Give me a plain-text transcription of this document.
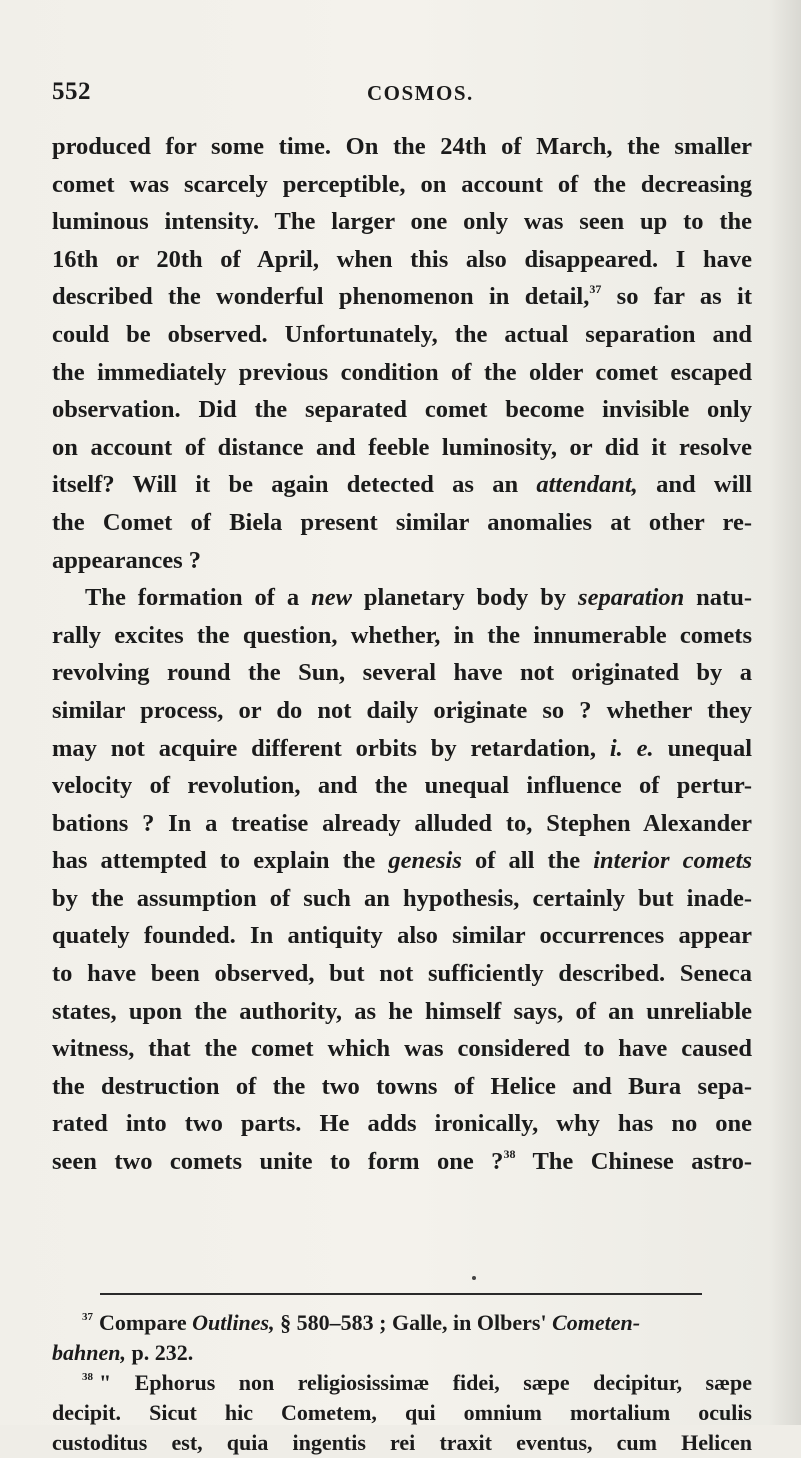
552	COSMOS.
produced for some time. On the 24th of March, the smaller
comet was scarcely perceptible, on account of the decreasing
luminous intensity. The larger one only was seen up to the
16th or 20th of April, when this also disappeared. I have
described the wonderful phenomenon in detail,$^{37}$ so far as it
could be observed. Unfortunately, the actual separation and
the immediately previous condition of the older comet escaped
observation. Did the separated comet become invisible only
on account of distance and feeble luminosity, or did it resolve
itself? Will it be again detected as an attendant, and will
the Comet of Biela present similar anomalies at other re-
appearances ?
The formation of a new planetary body by separation natu-
rally excites the question, whether, in the innumerable comets
revolving round the Sun, several have not originated by a
similar process, or do not daily originate so ? whether they
may not acquire different orbits by retardation, i. e. unequal
velocity of revolution, and the unequal influence of pertur-
bations ? In a treatise already alluded to, Stephen Alexander
has attempted to explain the genesis of all the interior comets
by the assumption of such an hypothesis, certainly but inade-
quately founded. In antiquity also similar occurrences appear
to have been observed, but not sufficiently described. Seneca
states, upon the authority, as he himself says, of an unreliable
witness, that the comet which was considered to have caused
the destruction of the two towns of Helice and Bura sepa-
rated into two parts. He adds ironically, why has no one
seen two comets unite to form one ?$^{38}$ The Chinese astro-
$^{37}$ Compare Outlines, § 580–583 ; Galle, in Olbers' Cometen-
bahnen, p. 232.
$^{38}$ " Ephorus non religiosissimæ fidei, sæpe decipitur, sæpe
decipit. Sicut hic Cometem, qui omnium mortalium oculis
custoditus est, quia ingentis rei traxit eventus, cum Helicen
